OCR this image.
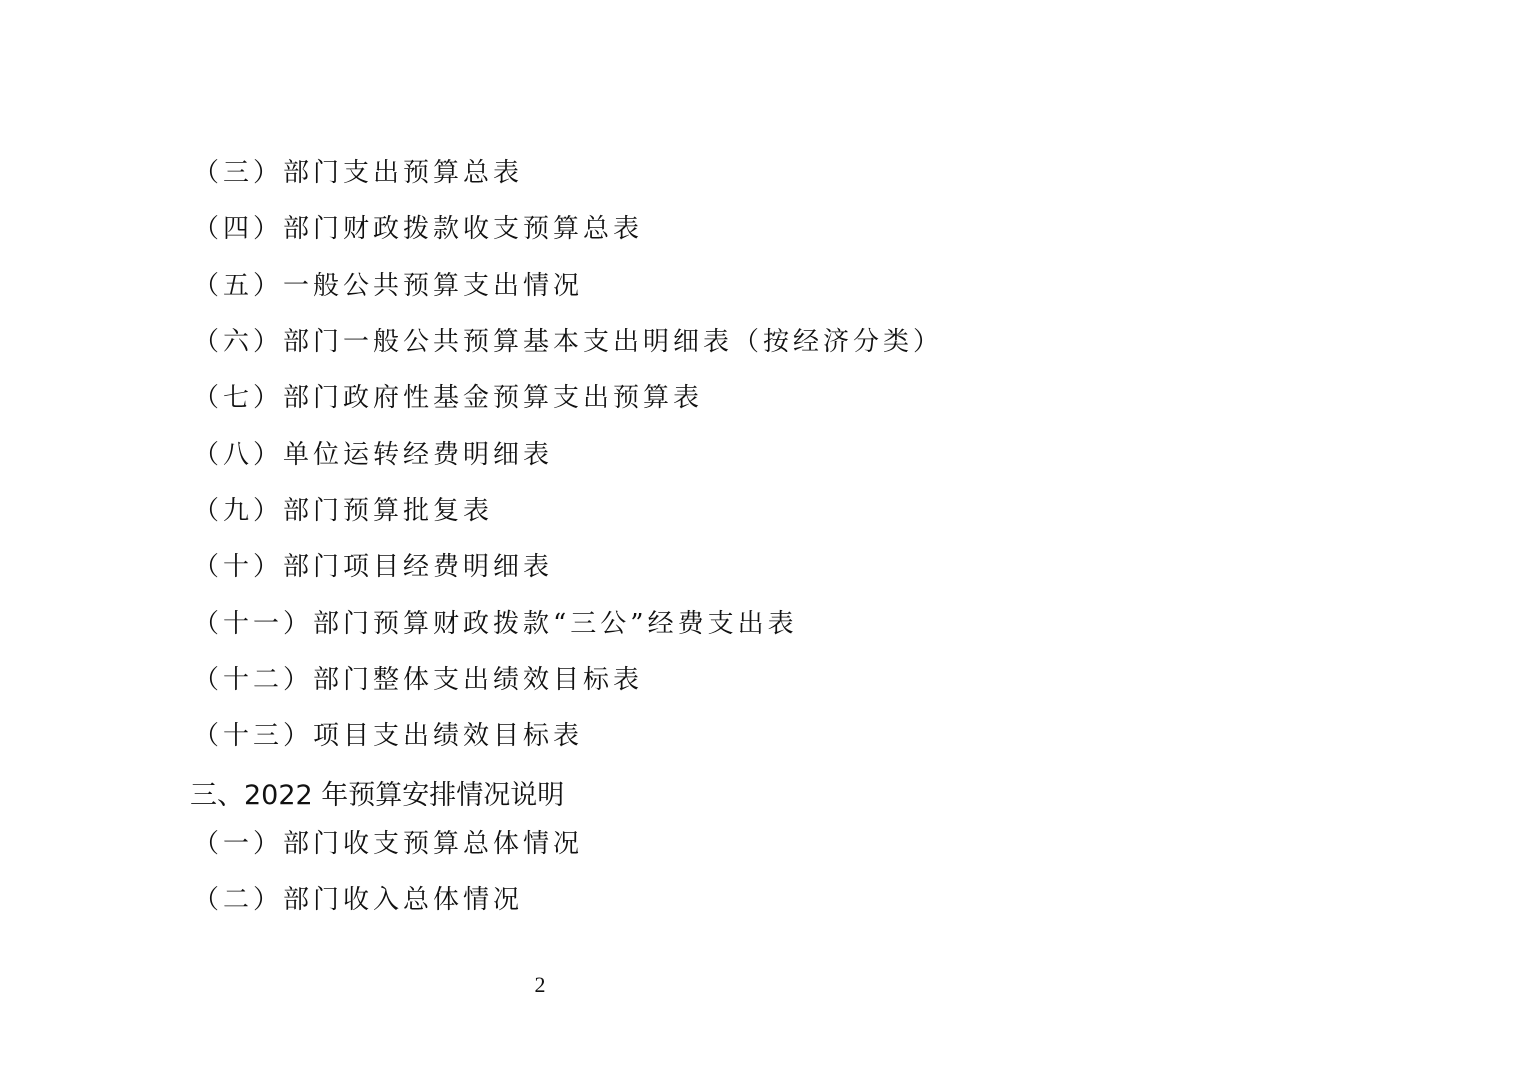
（三）部门支出预算总表
（四）部门财政拨款收支预算总表
（五）一般公共预算支出情况
（六）部门一般公共预算基本支出明细表（按经济分类）
（七）部门政府性基金预算支出预算表
（八）单位运转经费明细表
（九）部门预算批复表
（十）部门项目经费明细表
（十一）部门预算财政拨款“三公”经费支出表
（十二）部门整体支出绩效目标表
（十三）项目支出绩效目标表
三、2022 年预算安排情况说明
（一）部门收支预算总体情况
（二）部门收入总体情况
2
